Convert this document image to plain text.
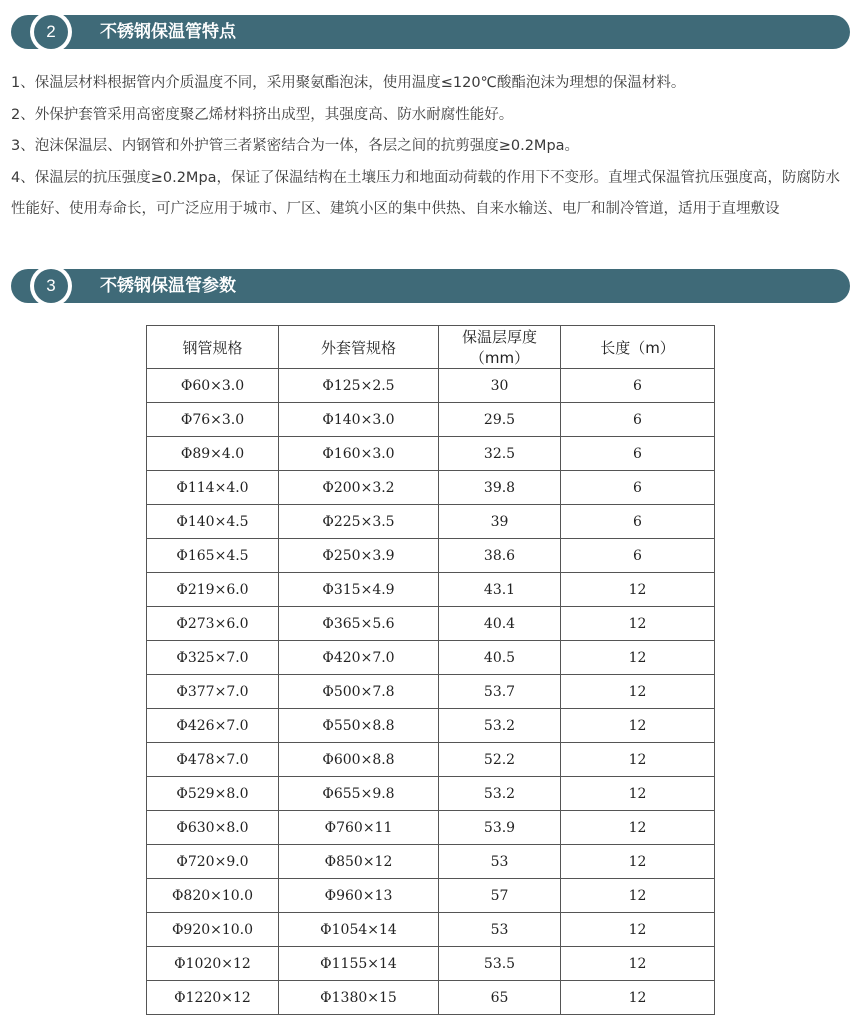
2	不锈钢保温管特点

1、保温层材料根据管内介质温度不同，采用聚氨酯泡沫，使用温度≤120℃酸酯泡沫为理想的保温材料。

2、外保护套管采用高密度聚乙烯材料挤出成型，其强度高、防水耐腐性能好。

3、泡沫保温层、内钢管和外护管三者紧密结合为一体，各层之间的抗剪强度≥0.2Mpa。

4、保温层的抗压强度≥0.2Mpa，保证了保温结构在土壤压力和地面动荷载的作用下不变形。直埋式保温管抗压强度高，防腐防水性能好、使用寿命长，可广泛应用于城市、厂区、建筑小区的集中供热、自来水输送、电厂和制冷管道，适用于直埋敷设

3	不锈钢保温管参数
钢管规格	外套管规格	保温层厚度（mm）	长度（m）
Φ60×3.0	Φ125×2.5	30	6
Φ76×3.0	Φ140×3.0	29.5	6
Φ89×4.0	Φ160×3.0	32.5	6
Φ114×4.0	Φ200×3.2	39.8	6
Φ140×4.5	Φ225×3.5	39	6
Φ165×4.5	Φ250×3.9	38.6	6
Φ219×6.0	Φ315×4.9	43.1	12
Φ273×6.0	Φ365×5.6	40.4	12
Φ325×7.0	Φ420×7.0	40.5	12
Φ377×7.0	Φ500×7.8	53.7	12
Φ426×7.0	Φ550×8.8	53.2	12
Φ478×7.0	Φ600×8.8	52.2	12
Φ529×8.0	Φ655×9.8	53.2	12
Φ630×8.0	Φ760×11	53.9	12
Φ720×9.0	Φ850×12	53	12
Φ820×10.0	Φ960×13	57	12
Φ920×10.0	Φ1054×14	53	12
Φ1020×12	Φ1155×14	53.5	12
Φ1220×12	Φ1380×15	65	12
